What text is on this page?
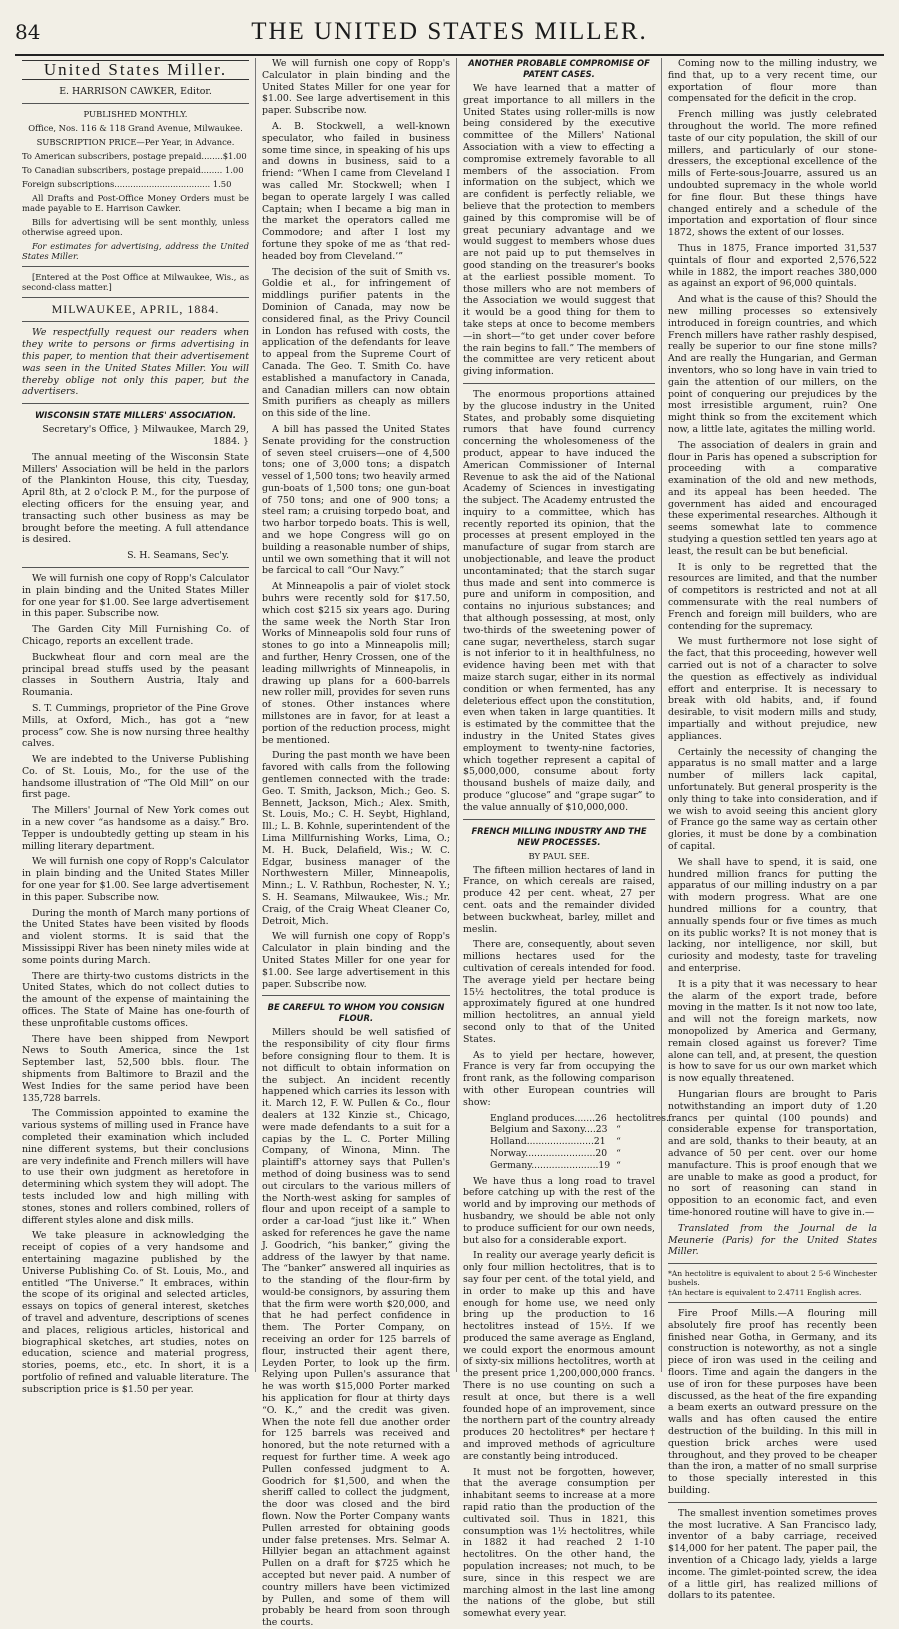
84	THE UNITED STATES MILLER.
United States Miller.

E. HARRISON CAWKER, Editor.

PUBLISHED MONTHLY.

Office, Nos. 116 & 118 Grand Avenue, Milwaukee.

SUBSCRIPTION PRICE—Per Year, in Advance.

To American subscribers, postage prepaid........$1.00

To Canadian subscribers, postage prepaid........ 1.00

Foreign subscriptions.................................... 1.50

All Drafts and Post-Office Money Orders must be made payable to E. Harrison Cawker.

Bills for advertising will be sent monthly, unless otherwise agreed upon.

For estimates for advertising, address the United States Miller.

[Entered at the Post Office at Milwaukee, Wis., as second-class matter.]

MILWAUKEE, APRIL, 1884.

We respectfully request our readers when they write to persons or firms advertising in this paper, to mention that their advertisement was seen in the United States Miller. You will thereby oblige not only this paper, but the advertisers.

WISCONSIN STATE MILLERS' ASSOCIATION.

Secretary's Office, } Milwaukee, March 29, 1884. }

The annual meeting of the Wisconsin State Millers' Association will be held in the parlors of the Plankinton House, this city, Tuesday, April 8th, at 2 o'clock P. M., for the purpose of electing officers for the ensuing year, and transacting such other business as may be brought before the meeting. A full attendance is desired.

S. H. Seamans, Sec'y.

We will furnish one copy of Ropp's Calculator in plain binding and the United States Miller for one year for $1.00. See large advertisement in this paper. Subscribe now.

The Garden City Mill Furnishing Co. of Chicago, reports an excellent trade.

Buckwheat flour and corn meal are the principal bread stuffs used by the peasant classes in Southern Austria, Italy and Roumania.

S. T. Cummings, proprietor of the Pine Grove Mills, at Oxford, Mich., has got a “new process” cow. She is now nursing three healthy calves.

We are indebted to the Universe Publishing Co. of St. Louis, Mo., for the use of the handsome illustration of “The Old Mill” on our first page.

The Millers' Journal of New York comes out in a new cover “as handsome as a daisy.” Bro. Tepper is undoubtedly getting up steam in his milling literary department.

We will furnish one copy of Ropp's Calculator in plain binding and the United States Miller for one year for $1.00. See large advertisement in this paper. Subscribe now.

During the month of March many portions of the United States have been visited by floods and violent storms. It is said that the Mississippi River has been ninety miles wide at some points during March.

There are thirty-two customs districts in the United States, which do not collect duties to the amount of the expense of maintaining the offices. The State of Maine has one-fourth of these unprofitable customs offices.

There have been shipped from Newport News to South America, since the 1st September last, 52,500 bbls. flour. The shipments from Baltimore to Brazil and the West Indies for the same period have been 135,728 barrels.

The Commission appointed to examine the various systems of milling used in France have completed their examination which included nine different systems, but their conclusions are very indefinite and French millers will have to use their own judgment as heretofore in determining which system they will adopt. The tests included low and high milling with stones, stones and rollers combined, rollers of different styles alone and disk mills.

We take pleasure in acknowledging the receipt of copies of a very handsome and entertaining magazine published by the Universe Publishing Co. of St. Louis, Mo., and entitled “The Universe.” It embraces, within the scope of its original and selected articles, essays on topics of general interest, sketches of travel and adventure, descriptions of scenes and places, religious articles, historical and biographical sketches, art studies, notes on education, science and material progress, stories, poems, etc., etc. In short, it is a portfolio of refined and valuable literature. The subscription price is $1.50 per year.

We will furnish one copy of Ropp's Calculator in plain binding and the United States Miller for one year for $1.00. See large advertisement in this paper. Subscribe now.

A. B. Stockwell, a well-known speculator, who failed in business some time since, in speaking of his ups and downs in business, said to a friend: “When I came from Cleveland I was called Mr. Stockwell; when I began to operate largely I was called Captain; when I became a big man in the market the operators called me Commodore; and after I lost my fortune they spoke of me as ‘that red-headed boy from Cleveland.’”

The decision of the suit of Smith vs. Goldie et al., for infringement of middlings purifier patents in the Dominion of Canada, may now be considered final, as the Privy Council in London has refused with costs, the application of the defendants for leave to appeal from the Supreme Court of Canada. The Geo. T. Smith Co. have established a manufactory in Canada, and Canadian millers can now obtain Smith purifiers as cheaply as millers on this side of the line.

A bill has passed the United States Senate providing for the construction of seven steel cruisers—one of 4,500 tons; one of 3,000 tons; a dispatch vessel of 1,500 tons; two heavily armed gun-boats of 1,500 tons; one gun-boat of 750 tons; and one of 900 tons; a steel ram; a cruising torpedo boat, and two harbor torpedo boats. This is well, and we hope Congress will go on building a reasonable number of ships, until we own something that it will not be farcical to call “Our Navy.”

At Minneapolis a pair of violet stock buhrs were recently sold for $17.50, which cost $215 six years ago. During the same week the North Star Iron Works of Minneapolis sold four runs of stones to go into a Minneapolis mill; and further, Henry Crossen, one of the leading millwrights of Minneapolis, in drawing up plans for a 600-barrels new roller mill, provides for seven runs of stones. Other instances where millstones are in favor, for at least a portion of the reduction process, might be mentioned.

During the past month we have been favored with calls from the following gentlemen connected with the trade: Geo. T. Smith, Jackson, Mich.; Geo. S. Bennett, Jackson, Mich.; Alex. Smith, St. Louis, Mo.; C. H. Seybt, Highland, Ill.; L. B. Kohnle, superintendent of the Lima Millfurnishing Works, Lima, O.; M. H. Buck, Delafield, Wis.; W. C. Edgar, business manager of the Northwestern Miller, Minneapolis, Minn.; L. V. Rathbun, Rochester, N. Y.; S. H. Seamans, Milwaukee, Wis.; Mr. Craig, of the Craig Wheat Cleaner Co, Detroit, Mich.

We will furnish one copy of Ropp's Calculator in plain binding and the United States Miller for one year for $1.00. See large advertisement in this paper. Subscribe now.

BE CAREFUL TO WHOM YOU CONSIGN FLOUR.

Millers should be well satisfied of the responsibility of city flour firms before consigning flour to them. It is not difficult to obtain information on the subject. An incident recently happened which carries its lesson with it. March 12, F. W. Pullen & Co., flour dealers at 132 Kinzie st., Chicago, were made defendants to a suit for a capias by the L. C. Porter Milling Company, of Winona, Minn. The plaintiff's attorney says that Pullen's method of doing business was to send out circulars to the various millers of the North-west asking for samples of flour and upon receipt of a sample to order a car-load “just like it.” When asked for references he gave the name J. Goodrich, “his banker,” giving the address of the lawyer by that name. The “banker” answered all inquiries as to the standing of the flour-firm by would-be consignors, by assuring them that the firm were worth $20,000, and that he had perfect confidence in them. The Porter Company, on receiving an order for 125 barrels of flour, instructed their agent there, Leyden Porter, to look up the firm. Relying upon Pullen's assurance that he was worth $15,000 Porter marked his application for flour at thirty days “O. K.,” and the credit was given. When the note fell due another order for 125 barrels was received and honored, but the note returned with a request for further time. A week ago Pullen confessed judgment to A. Goodrich for $1,500, and when the sheriff called to collect the judgment, the door was closed and the bird flown. Now the Porter Company wants Pullen arrested for obtaining goods under false pretenses. Mrs. Selmar A. Hillyier began an attachment against Pullen on a draft for $725 which he accepted but never paid. A number of country millers have been victimized by Pullen, and some of them will probably be heard from soon through the courts.

ANOTHER PROBABLE COMPROMISE OF PATENT CASES.

We have learned that a matter of great importance to all millers in the United States using roller-mills is now being considered by the executive committee of the Millers' National Association with a view to effecting a compromise extremely favorable to all members of the association. From information on the subject, which we are confident is perfectly reliable, we believe that the protection to members gained by this compromise will be of great pecuniary advantage and we would suggest to members whose dues are not paid up to put themselves in good standing on the treasurer's books at the earliest possible moment. To those millers who are not members of the Association we would suggest that it would be a good thing for them to take steps at once to become members—in short—“to get under cover before the rain begins to fall.” The members of the committee are very reticent about giving information.

The enormous proportions attained by the glucose industry in the United States, and probably some disquieting rumors that have found currency concerning the wholesomeness of the product, appear to have induced the American Commissioner of Internal Revenue to ask the aid of the National Academy of Sciences in investigating the subject. The Academy entrusted the inquiry to a committee, which has recently reported its opinion, that the processes at present employed in the manufacture of sugar from starch are unobjectionable, and leave the product uncontaminated; that the starch sugar thus made and sent into commerce is pure and uniform in composition, and contains no injurious substances; and that although possessing, at most, only two-thirds of the sweetening power of cane sugar, nevertheless, starch sugar is not inferior to it in healthfulness, no evidence having been met with that maize starch sugar, either in its normal condition or when fermented, has any deleterious effect upon the constitution, even when taken in large quantities. It is estimated by the committee that the industry in the United States gives employment to twenty-nine factories, which together represent a capital of $5,000,000, consume about forty thousand bushels of maize daily, and produce “glucose” and “grape sugar” to the value annually of $10,000,000.

FRENCH MILLING INDUSTRY AND THE NEW PROCESSES.

BY PAUL SEE.

The fifteen million hectares of land in France, on which cereals are raised, produce 42 per cent. wheat, 27 per cent. oats and the remainder divided between buckwheat, barley, millet and meslin.

There are, consequently, about seven millions hectares used for the cultivation of cereals intended for food. The average yield per hectare being 15½ hectolitres, the total produce is approximately figured at one hundred million hectolitres, an annual yield second only to that of the United States.

As to yield per hectare, however, France is very far from occupying the front rank, as the following comparison with other European countries will show:

England produces.......26	hectolitres.
Belgium and Saxony....23	“
Holland.......................21	“
Norway........................20	“
Germany.......................19	“

We have thus a long road to travel before catching up with the rest of the world and by improving our methods of husbandry, we should be able not only to produce sufficient for our own needs, but also for a considerable export.

In reality our average yearly deficit is only four million hectolitres, that is to say four per cent. of the total yield, and in order to make up this and have enough for home use, we need only bring up the production to 16 hectolitres instead of 15½. If we produced the same average as England, we could export the enormous amount of sixty-six millions hectolitres, worth at the present price 1,200,000,000 francs. There is no use counting on such a result at once, but there is a well founded hope of an improvement, since the northern part of the country already produces 20 hectolitres* per hectare† and improved methods of agriculture are constantly being introduced.

It must not be forgotten, however, that the average consumption per inhabitant seems to increase at a more rapid ratio than the production of the cultivated soil. Thus in 1821, this consumption was 1½ hectolitres, while in 1882 it had reached 2 1-10 hectolitres. On the other hand, the population increases; not much, to be sure, since in this respect we are marching almost in the last line among the nations of the globe, but still somewhat every year.

Coming now to the milling industry, we find that, up to a very recent time, our exportation of flour more than compensated for the deficit in the crop.

French milling was justly celebrated throughout the world. The more refined taste of our city population, the skill of our millers, and particularly of our stone-dressers, the exceptional excellence of the mills of Ferte-sous-Jouarre, assured us an undoubted supremacy in the whole world for fine flour. But these things have changed entirely and a schedule of the importation and exportation of flour since 1872, shows the extent of our losses.

Thus in 1875, France imported 31,537 quintals of flour and exported 2,576,522 while in 1882, the import reaches 380,000 as against an export of 96,000 quintals.

And what is the cause of this? Should the new milling processes so extensively introduced in foreign countries, and which French millers have rather rashly despised, really be superior to our fine stone mills? And are really the Hungarian, and German inventors, who so long have in vain tried to gain the attention of our millers, on the point of conquering our prejudices by the most irresistible argument, ruin? One might think so from the excitement which now, a little late, agitates the milling world.

The association of dealers in grain and flour in Paris has opened a subscription for proceeding with a comparative examination of the old and new methods, and its appeal has been heeded. The government has aided and encouraged these experimental researches. Although it seems somewhat late to commence studying a question settled ten years ago at least, the result can be but beneficial.

It is only to be regretted that the resources are limited, and that the number of competitors is restricted and not at all commensurate with the real numbers of French and foreign mill builders, who are contending for the supremacy.

We must furthermore not lose sight of the fact, that this proceeding, however well carried out is not of a character to solve the question as effectively as individual effort and enterprise. It is necessary to break with old habits, and, if found desirable, to visit modern mills and study, impartially and without prejudice, new appliances.

Certainly the necessity of changing the apparatus is no small matter and a large number of millers lack capital, unfortunately. But general prosperity is the only thing to take into consideration, and if we wish to avoid seeing this ancient glory of France go the same way as certain other glories, it must be done by a combination of capital.

We shall have to spend, it is said, one hundred million francs for putting the apparatus of our milling industry on a par with modern progress. What are one hundred millions for a country, that annually spends four or five times as much on its public works? It is not money that is lacking, nor intelligence, nor skill, but curiosity and modesty, taste for traveling and enterprise.

It is a pity that it was necessary to hear the alarm of the export trade, before moving in the matter. Is it not now too late, and will not the foreign markets, now monopolized by America and Germany, remain closed against us forever? Time alone can tell, and, at present, the question is how to save for us our own market which is now equally threatened.

Hungarian flours are brought to Paris notwithstanding an import duty of 1.20 francs per quintal (100 pounds) and considerable expense for transportation, and are sold, thanks to their beauty, at an advance of 50 per cent. over our home manufacture. This is proof enough that we are unable to make as good a product, for no sort of reasoning can stand in opposition to an economic fact, and even time-honored routine will have to give in.—

Translated from the Journal de la Meunerie (Paris) for the United States Miller.

*An hectolitre is equivalent to about 2 5-6 Winchester bushels.

†An hectare is equivalent to 2.4711 English acres.

Fire Proof Mills.—A flouring mill absolutely fire proof has recently been finished near Gotha, in Germany, and its construction is noteworthy, as not a single piece of iron was used in the ceiling and floors. Time and again the dangers in the use of iron for these purposes have been discussed, as the heat of the fire expanding a beam exerts an outward pressure on the walls and has often caused the entire destruction of the building. In this mill in question brick arches were used throughout, and they proved to be cheaper than the iron, a matter of no small surprise to those specially interested in this building.

The smallest invention sometimes proves the most lucrative. A San Francisco lady, inventor of a baby carriage, received $14,000 for her patent. The paper pail, the invention of a Chicago lady, yields a large income. The gimlet-pointed screw, the idea of a little girl, has realized millions of dollars to its patentee.
